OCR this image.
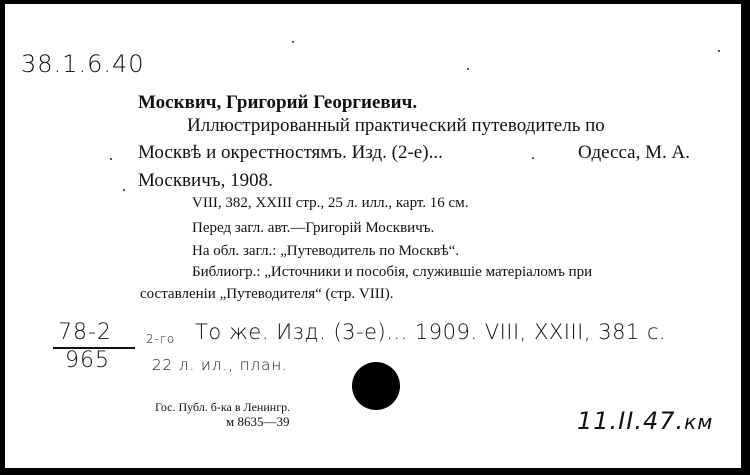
38.1.6.40
Москвич, Григорий Георгиевич.
Иллюстрированный практический путеводитель по
Москвѣ и окрестностямъ. Изд. (2-е)...	Одесса, М. А.
Москвичъ, 1908.
VIII, 382, XXIII стр., 25 л. илл., карт. 16 см.
Перед загл. авт.—Григорій Москвичъ.
На обл. загл.: „Путеводитель по Москвѣ“.
Библиогр.: „Источники и пособія, служившіе матеріаломъ при
составленіи „Путеводителя“ (стр. VIII).
78-2
965
2-го То же. Изд. (3-е)... 1909. VIII, XXIII, 381 с.
22 л. ил., план.
Гос. Публ. б-ка в Ленингр.
м 8635—39	11.II.47.км
